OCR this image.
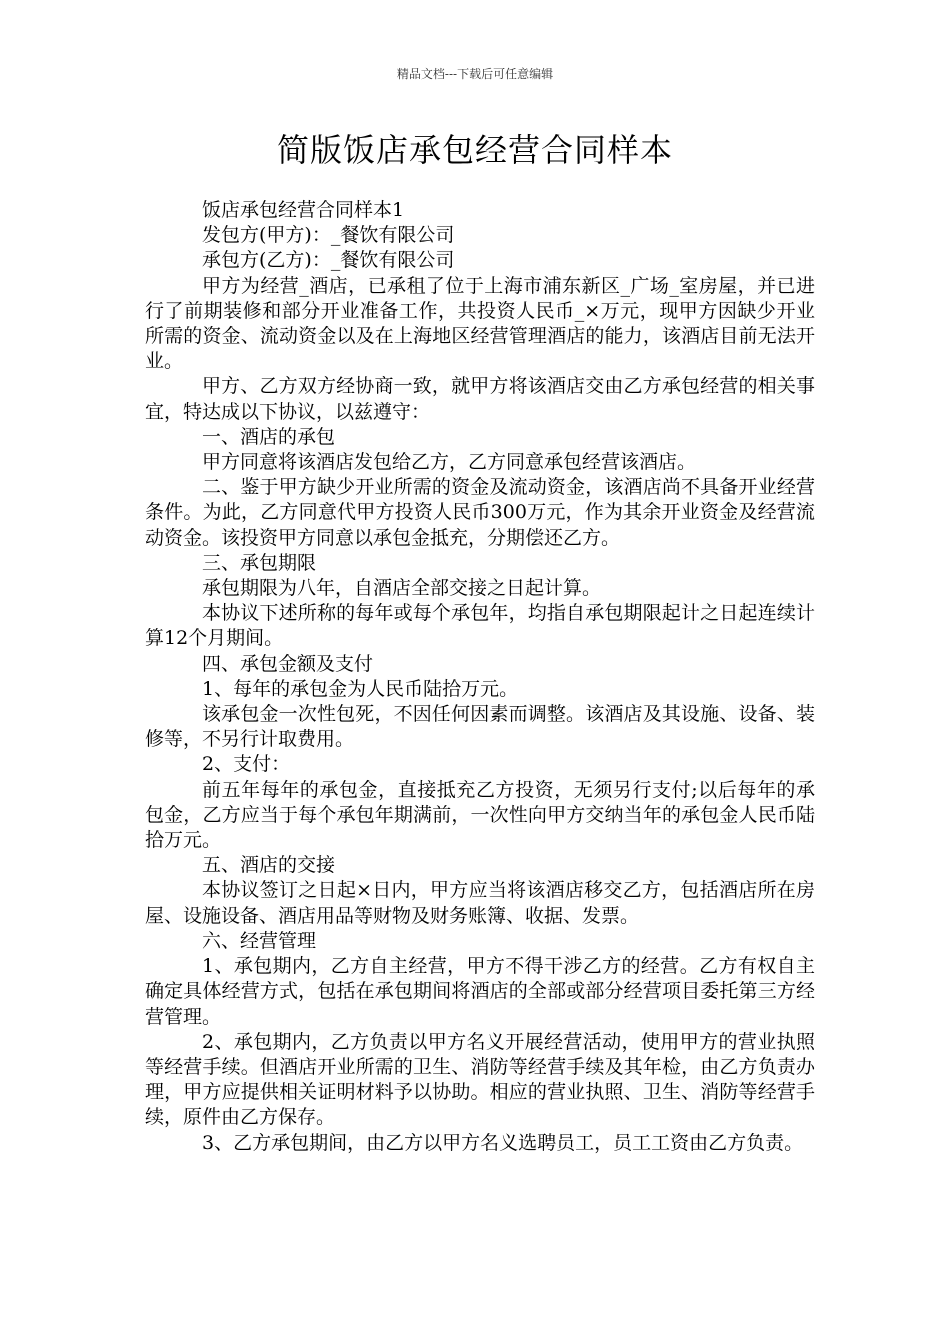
精品文档---下载后可任意编辑
简版饭店承包经营合同样本

饭店承包经营合同样本1

发包方(甲方)：_餐饮有限公司

承包方(乙方)：_餐饮有限公司

甲方为经营_酒店，已承租了位于上海市浦东新区_广场_室房屋，并已进行了前期装修和部分开业准备工作，共投资人民币_×万元，现甲方因缺少开业所需的资金、流动资金以及在上海地区经营管理酒店的能力，该酒店目前无法开业。

甲方、乙方双方经协商一致，就甲方将该酒店交由乙方承包经营的相关事宜，特达成以下协议，以兹遵守：

一、酒店的承包

甲方同意将该酒店发包给乙方，乙方同意承包经营该酒店。

二、鉴于甲方缺少开业所需的资金及流动资金，该酒店尚不具备开业经营条件。为此，乙方同意代甲方投资人民币300万元，作为其余开业资金及经营流动资金。该投资甲方同意以承包金抵充，分期偿还乙方。

三、承包期限

承包期限为八年，自酒店全部交接之日起计算。

本协议下述所称的每年或每个承包年，均指自承包期限起计之日起连续计算12个月期间。

四、承包金额及支付

1、每年的承包金为人民币陆拾万元。

该承包金一次性包死，不因任何因素而调整。该酒店及其设施、设备、装修等，不另行计取费用。

2、支付：

前五年每年的承包金，直接抵充乙方投资，无须另行支付;以后每年的承包金，乙方应当于每个承包年期满前，一次性向甲方交纳当年的承包金人民币陆拾万元。

五、酒店的交接

本协议签订之日起×日内，甲方应当将该酒店移交乙方，包括酒店所在房屋、设施设备、酒店用品等财物及财务账簿、收据、发票。

六、经营管理

1、承包期内，乙方自主经营，甲方不得干涉乙方的经营。乙方有权自主确定具体经营方式，包括在承包期间将酒店的全部或部分经营项目委托第三方经营管理。

2、承包期内，乙方负责以甲方名义开展经营活动，使用甲方的营业执照等经营手续。但酒店开业所需的卫生、消防等经营手续及其年检，由乙方负责办理，甲方应提供相关证明材料予以协助。相应的营业执照、卫生、消防等经营手续，原件由乙方保存。

3、乙方承包期间，由乙方以甲方名义选聘员工，员工工资由乙方负责。
